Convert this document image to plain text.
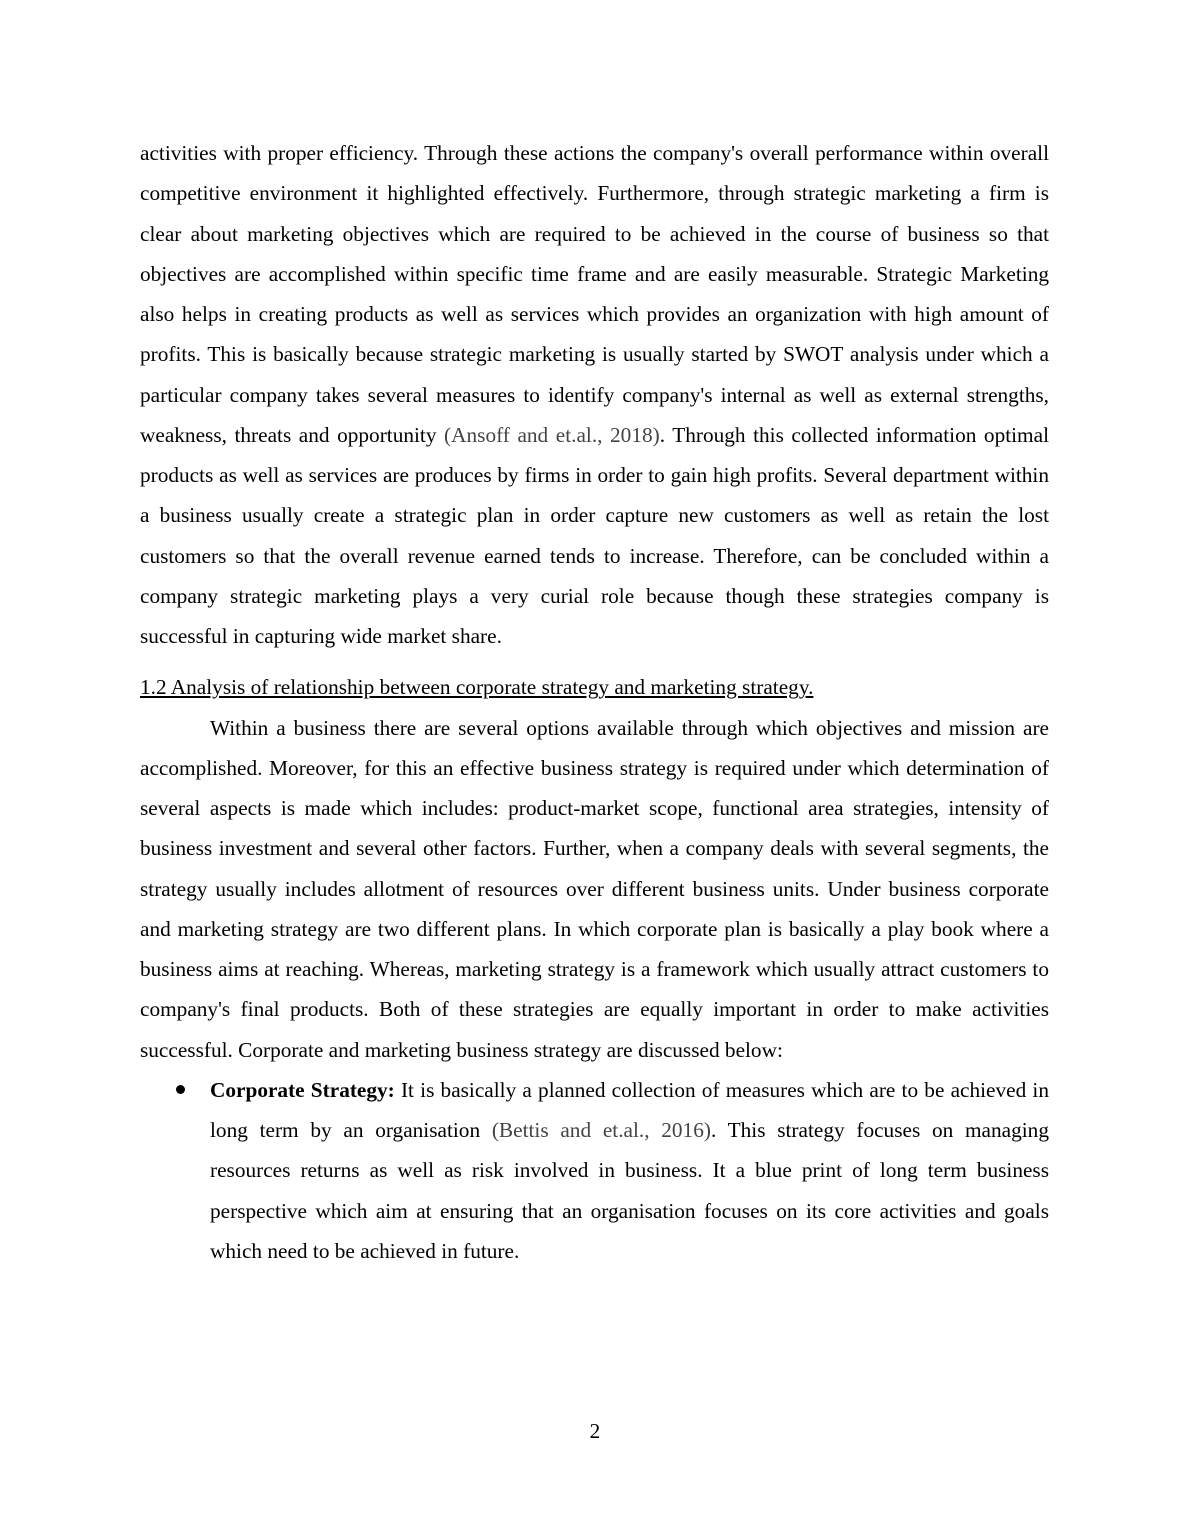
activities with proper efficiency. Through these actions the company's overall performance within overall competitive environment it highlighted effectively. Furthermore, through strategic marketing a firm is clear about marketing objectives which are required to be achieved in the course of business so that objectives are accomplished within specific time frame and are easily measurable. Strategic Marketing also helps in creating products as well as services which provides an organization with high amount of profits. This is basically because strategic marketing is usually started by SWOT analysis under which a particular company takes several measures to identify company's internal as well as external strengths, weakness, threats and opportunity (Ansoff and et.al., 2018). Through this collected information optimal products as well as services are produces by firms in order to gain high profits. Several department within a business usually create a strategic plan in order capture new customers as well as retain the lost customers so that the overall revenue earned tends to increase. Therefore, can be concluded within a company strategic marketing plays a very curial role because though these strategies company is successful in capturing wide market share.

1.2 Analysis of relationship between corporate strategy and marketing strategy.

Within a business there are several options available through which objectives and mission are accomplished. Moreover, for this an effective business strategy is required under which determination of several aspects is made which includes: product-market scope, functional area strategies, intensity of business investment and several other factors. Further, when a company deals with several segments, the strategy usually includes allotment of resources over different business units. Under business corporate and marketing strategy are two different plans. In which corporate plan is basically a play book where a business aims at reaching. Whereas, marketing strategy is a framework which usually attract customers to company's final products. Both of these strategies are equally important in order to make activities successful. Corporate and marketing business strategy are discussed below:

Corporate Strategy: It is basically a planned collection of measures which are to be achieved in long term by an organisation (Bettis and et.al., 2016). This strategy focuses on managing resources returns as well as risk involved in business. It a blue print of long term business perspective which aim at ensuring that an organisation focuses on its core activities and goals which need to be achieved in future.
2
